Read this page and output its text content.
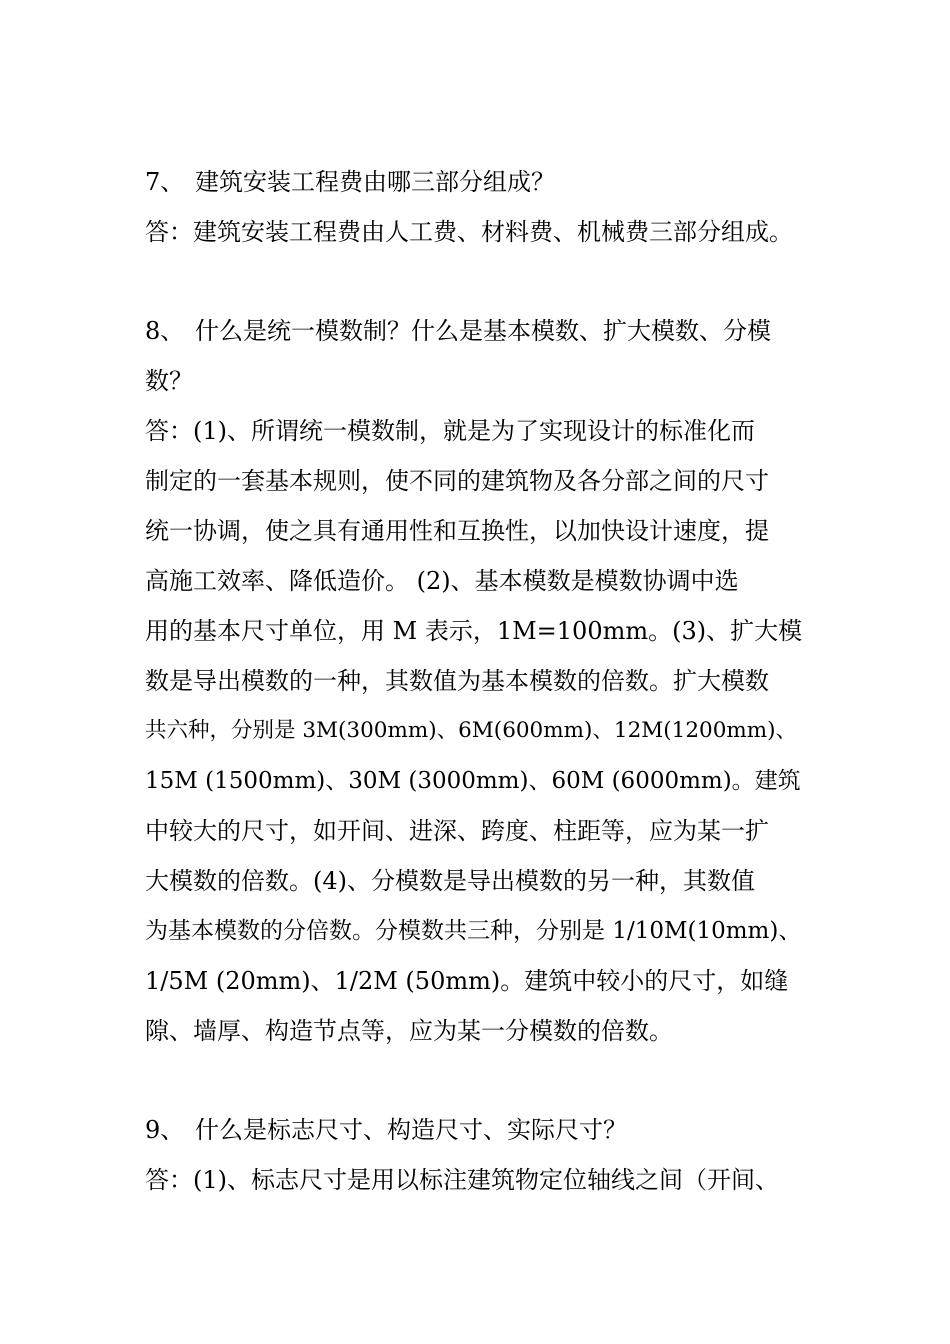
7、 建筑安装工程费由哪三部分组成？
答：建筑安装工程费由人工费、材料费、机械费三部分组成。
8、 什么是统一模数制？什么是基本模数、扩大模数、分模
数？
答：(1)、所谓统一模数制，就是为了实现设计的标准化而
制定的一套基本规则，使不同的建筑物及各分部之间的尺寸
统一协调，使之具有通用性和互换性，以加快设计速度，提
高施工效率、降低造价。 (2)、基本模数是模数协调中选
用的基本尺寸单位，用 M 表示，1M=100mm。(3)、扩大模
数是导出模数的一种，其数值为基本模数的倍数。扩大模数
共六种，分别是 3M(300mm)、6M(600mm)、12M(1200mm)、
15M (1500mm)、30M (3000mm)、60M (6000mm)。建筑
中较大的尺寸，如开间、进深、跨度、柱距等，应为某一扩
大模数的倍数。(4)、分模数是导出模数的另一种，其数值
为基本模数的分倍数。分模数共三种，分别是 1/10M(10mm)、
1/5M (20mm)、1/2M (50mm)。建筑中较小的尺寸，如缝
隙、墙厚、构造节点等，应为某一分模数的倍数。
9、 什么是标志尺寸、构造尺寸、实际尺寸？
答：(1)、标志尺寸是用以标注建筑物定位轴线之间（开间、
